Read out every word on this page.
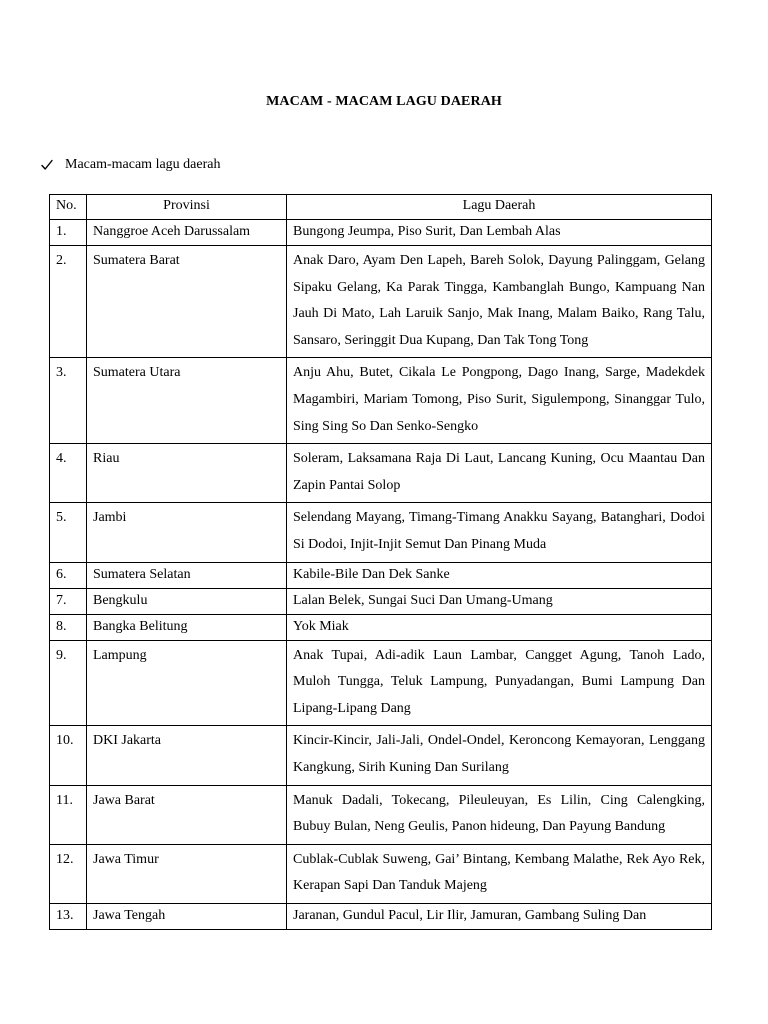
MACAM - MACAM LAGU DAERAH
Macam-macam lagu daerah
No.	Provinsi	Lagu Daerah
1.	Nanggroe Aceh Darussalam	Bungong Jeumpa, Piso Surit, Dan Lembah Alas
2.	Sumatera Barat	Anak Daro, Ayam Den Lapeh, Bareh Solok, Dayung Palinggam, Gelang Sipaku Gelang, Ka Parak Tingga, Kambanglah Bungo, Kampuang Nan Jauh Di Mato, Lah Laruik Sanjo, Mak Inang, Malam Baiko, Rang Talu, Sansaro, Seringgit Dua Kupang, Dan Tak Tong Tong
3.	Sumatera Utara	Anju Ahu, Butet, Cikala Le Pongpong, Dago Inang, Sarge, Madekdek Magambiri, Mariam Tomong, Piso Surit, Sigulempong, Sinanggar Tulo, Sing Sing So Dan Senko-Sengko
4.	Riau	Soleram, Laksamana Raja Di Laut, Lancang Kuning, Ocu Maantau Dan Zapin Pantai Solop
5.	Jambi	Selendang Mayang, Timang-Timang Anakku Sayang, Batanghari, Dodoi Si Dodoi, Injit-Injit Semut Dan Pinang Muda
6.	Sumatera Selatan	Kabile-Bile Dan Dek Sanke
7.	Bengkulu	Lalan Belek, Sungai Suci Dan Umang-Umang
8.	Bangka Belitung	Yok Miak
9.	Lampung	Anak Tupai, Adi-adik Laun Lambar, Cangget Agung, Tanoh Lado, Muloh Tungga, Teluk Lampung, Punyadangan, Bumi Lampung Dan Lipang-Lipang Dang
10.	DKI Jakarta	Kincir-Kincir, Jali-Jali, Ondel-Ondel, Keroncong Kemayoran, Lenggang Kangkung, Sirih Kuning Dan Surilang
11.	Jawa Barat	Manuk Dadali, Tokecang, Pileuleuyan, Es Lilin, Cing Calengking, Bubuy Bulan, Neng Geulis, Panon hideung, Dan Payung Bandung
12.	Jawa Timur	Cublak-Cublak Suweng, Gai’ Bintang, Kembang Malathe, Rek Ayo Rek, Kerapan Sapi Dan Tanduk Majeng
13.	Jawa Tengah	Jaranan, Gundul Pacul, Lir Ilir, Jamuran, Gambang Suling Dan
